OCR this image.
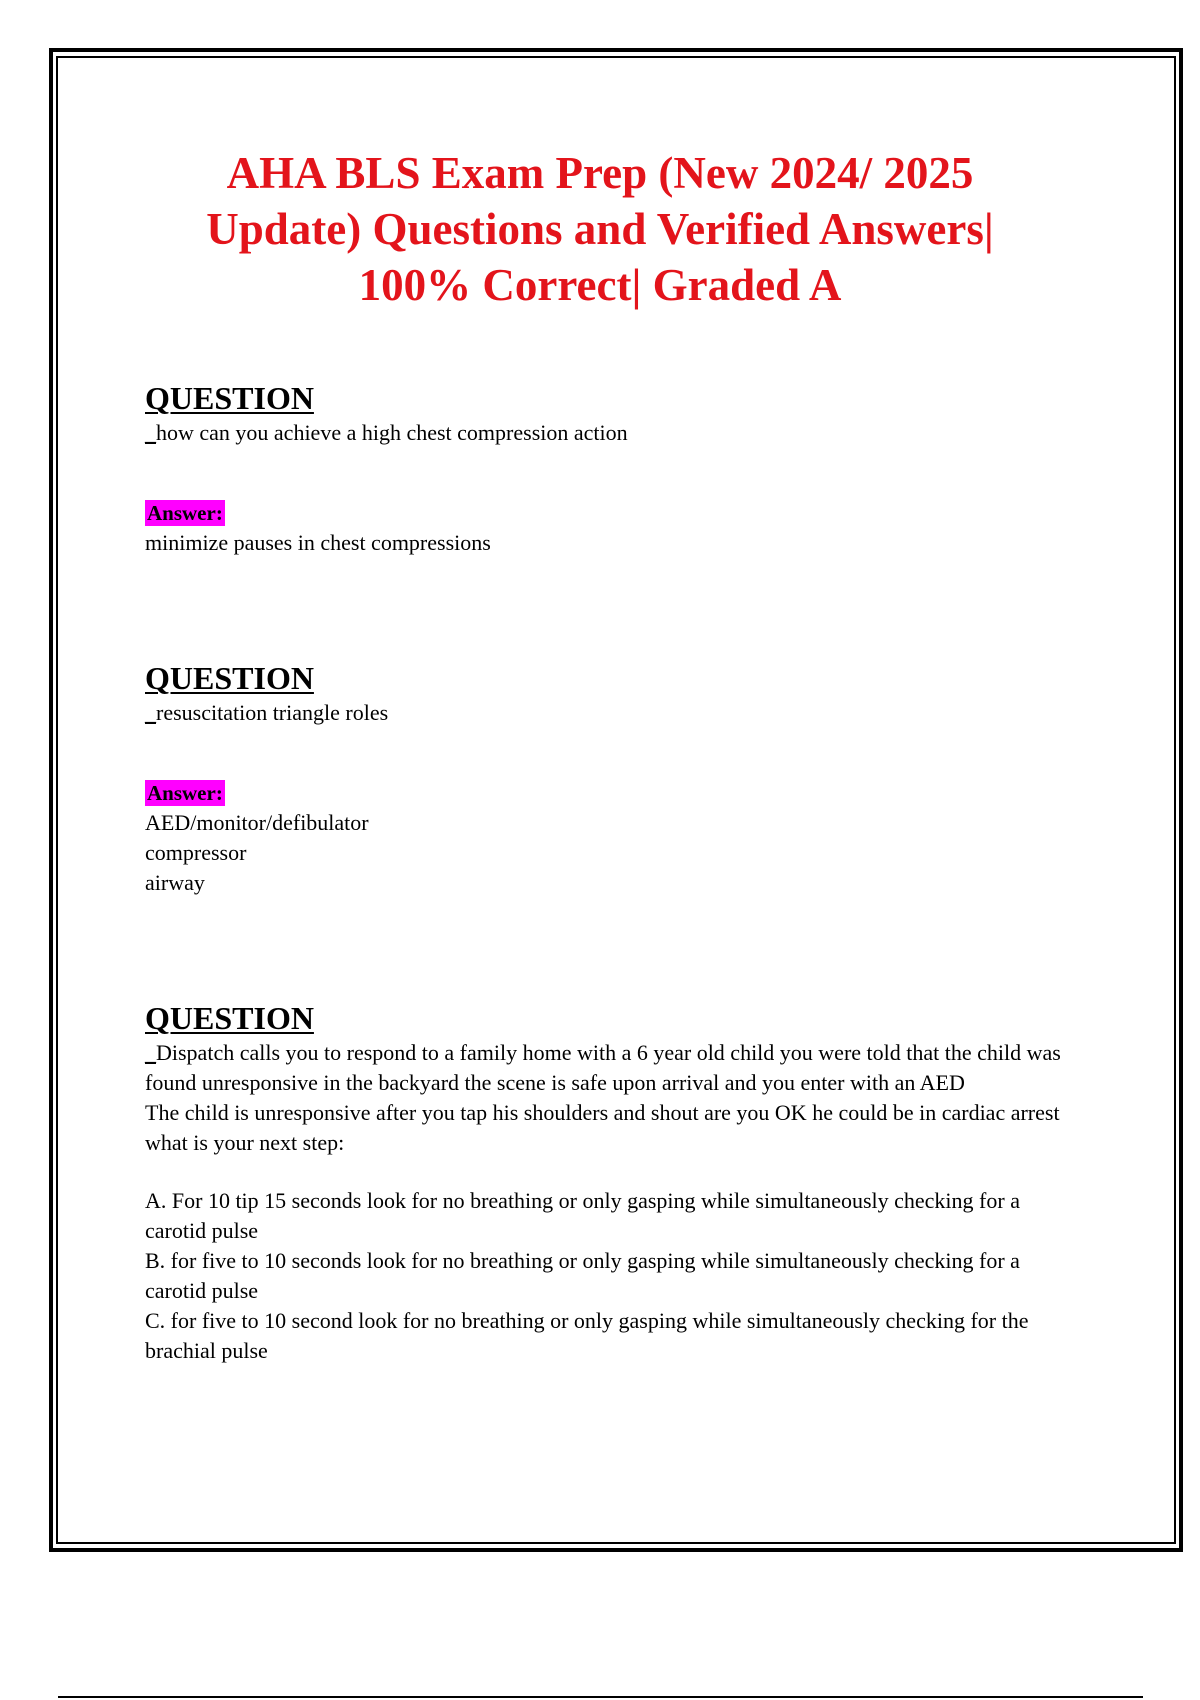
AHA BLS Exam Prep (New 2024/ 2025 Update) Questions and Verified Answers| 100% Correct| Graded A

QUESTION

_how can you achieve a high chest compression action

Answer:
minimize pauses in chest compressions

QUESTION

_resuscitation triangle roles

Answer:
AED/monitor/defibulator
compressor
airway

QUESTION

_Dispatch calls you to respond to a family home with a 6 year old child you were told that the child was found unresponsive in the backyard the scene is safe upon arrival and you enter with an AED

The child is unresponsive after you tap his shoulders and shout are you OK he could be in cardiac arrest what is your next step:

A. For 10 tip 15 seconds look for no breathing or only gasping while simultaneously checking for a carotid pulse
B. for five to 10 seconds look for no breathing or only gasping while simultaneously checking for a carotid pulse
C. for five to 10 second look for no breathing or only gasping while simultaneously checking for the brachial pulse
